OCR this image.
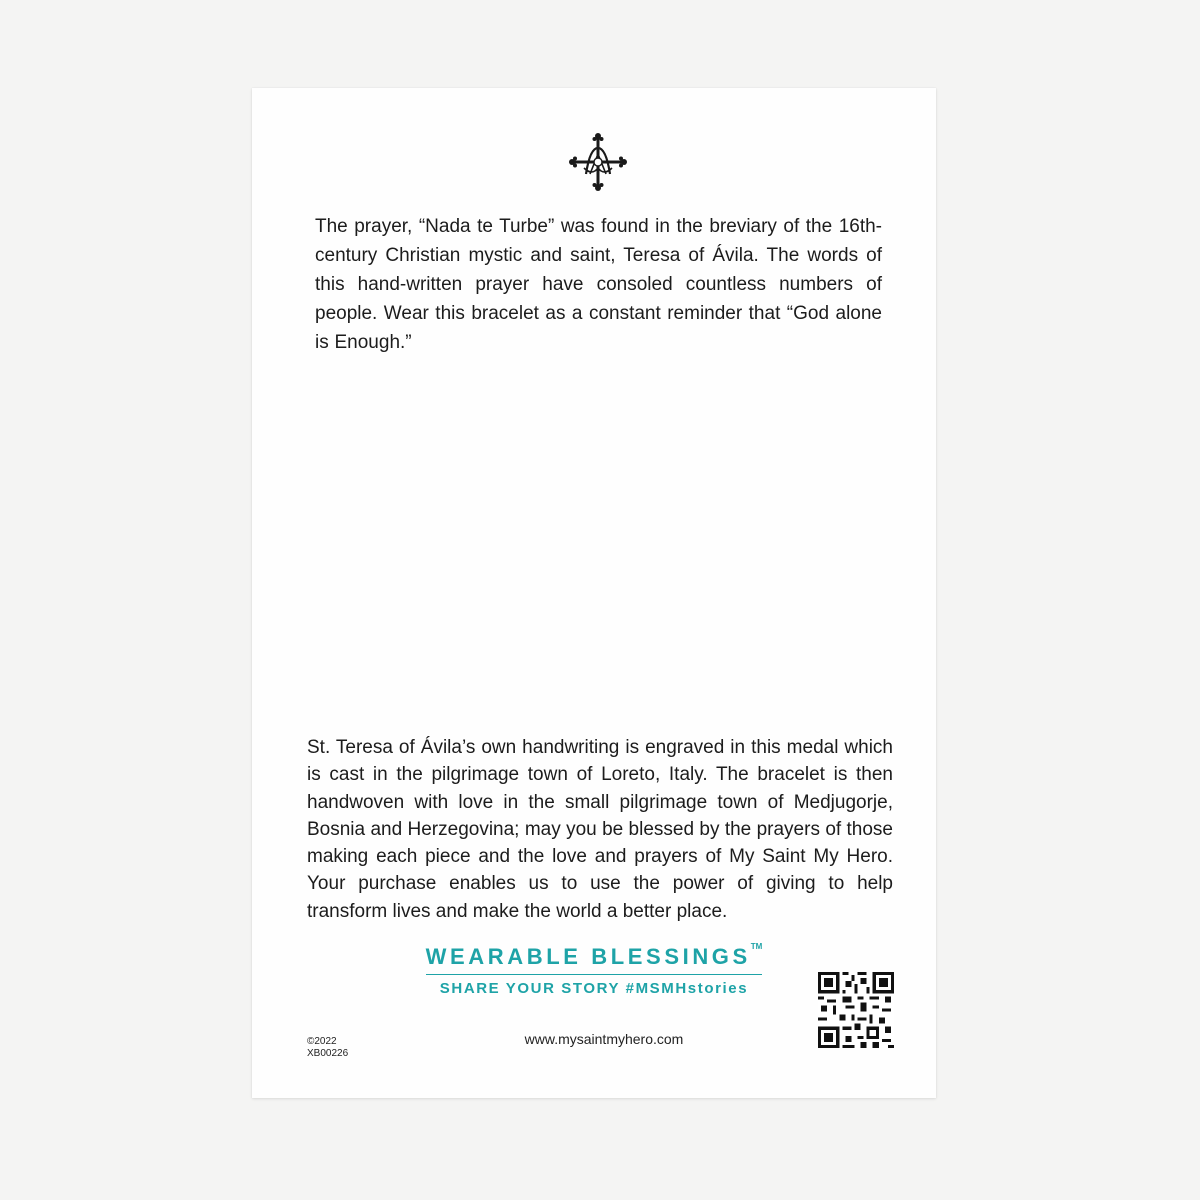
The prayer, “Nada te Turbe” was found in the breviary of the 16th-century Christian mystic and saint, Teresa of Ávila. The words of this hand-written prayer have consoled countless numbers of people. Wear this bracelet as a constant reminder that “God alone is Enough.”

St. Teresa of Ávila’s own handwriting is engraved in this medal which is cast in the pilgrimage town of Loreto, Italy. The bracelet is then handwoven with love in the small pilgrimage town of Medjugorje, Bosnia and Herzegovina; may you be blessed by the prayers of those making each piece and the love and prayers of My Saint My Hero. Your purchase enables us to use the power of giving to help transform lives and make the world a better place.

WEARABLE BLESSINGS™
SHARE YOUR STORY #MSMHstories
www.mysaintmyhero.com
©2022
XB00226
